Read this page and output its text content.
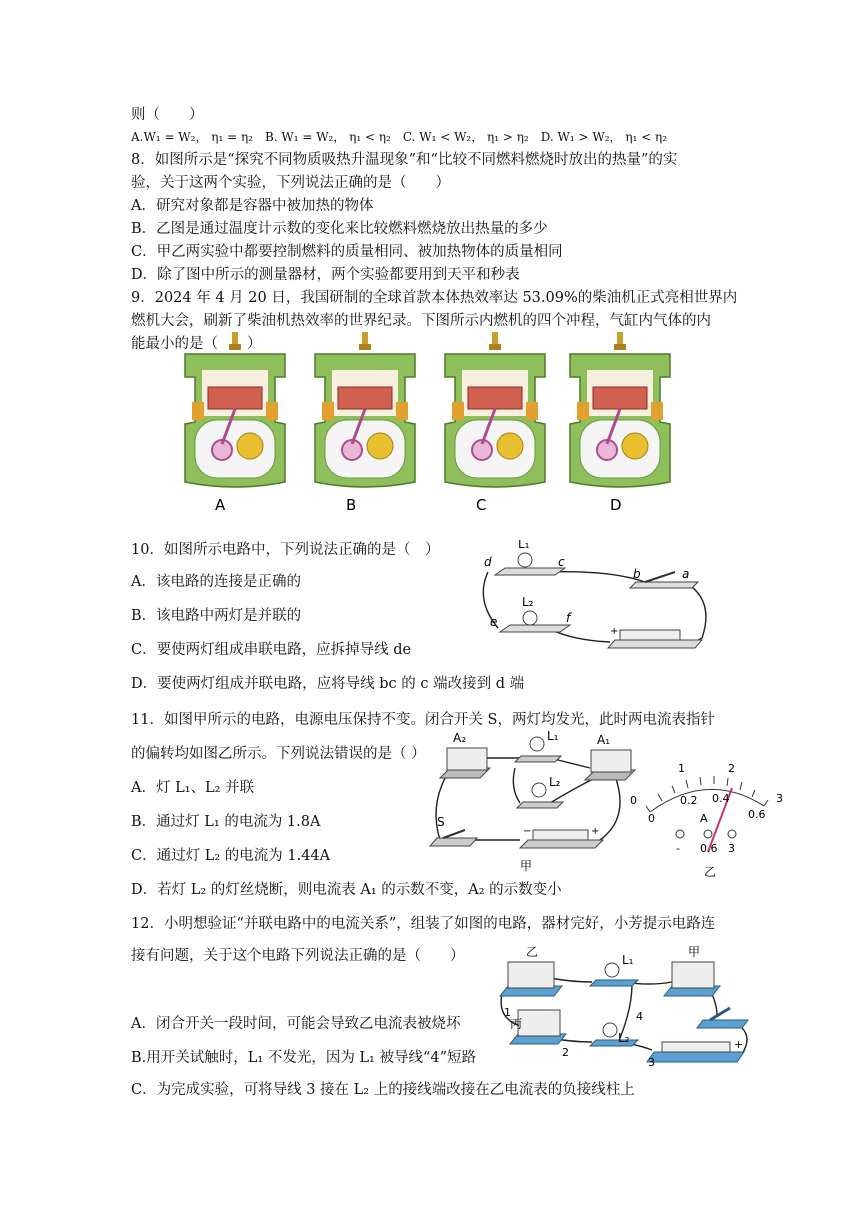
则（　　）
A.W₁ = W₂， η₁ = η₂　B. W₁ = W₂， η₁ < η₂　C. W₁ < W₂， η₁ > η₂　D. W₁ > W₂， η₁ < η₂
8．如图所示是“探究不同物质吸热升温现象”和“比较不同燃料燃烧时放出的热量”的实
验，关于这两个实验，下列说法正确的是（　　）
A．研究对象都是容器中被加热的物体
B．乙图是通过温度计示数的变化来比较燃料燃烧放出热量的多少
C．甲乙两实验中都要控制燃料的质量相同、被加热物体的质量相同
D．除了图中所示的测量器材，两个实验都要用到天平和秒表
9．2024 年 4 月 20 日，我国研制的全球首款本体热效率达 53.09%的柴油机正式亮相世界内
燃机大会，刷新了柴油机热效率的世界纪录。下图所示内燃机的四个冲程，气缸内气体的内
能最小的是（　　）
A	B	C	D
10．如图所示电路中，下列说法正确的是（　）
A．该电路的连接是正确的
B．该电路中两灯是并联的
C．要使两灯组成串联电路，应拆掉导线 de
D．要使两灯组成并联电路，应将导线 bc 的 c 端改接到 d 端
L₁
d	c
L₂
e	f
b	a
+
11．如图甲所示的电路，电源电压保持不变。闭合开关 S，两灯均发光，此时两电流表指针
的偏转均如图乙所示。下列说法错误的是（ ）
A．灯 L₁、L₂ 并联
B．通过灯 L₁ 的电流为 1.8A
C．通过灯 L₂ 的电流为 1.44A
D．若灯 L₂ 的灯丝烧断，则电流表 A₁ 的示数不变，A₂ 的示数变小
A₂	L₁	A₁
L₂
S
−	+
甲
0
1	2
3
0
0.2 0.4
0.6
A
- 0.6 3
乙
12．小明想验证“并联电路中的电流关系”，组装了如图的电路，器材完好，小芳提示电路连
接有问题，关于这个电路下列说法正确的是（　　）
A．闭合开关一段时间，可能会导致乙电流表被烧坏
B.用开关试触时，L₁ 不发光，因为 L₁ 被导线“4”短路
C．为完成实验，可将导线 3 接在 L₂ 上的接线端改接在乙电流表的负接线柱上
乙
L₁
甲
丙
L₂	+
1
2
3
4
